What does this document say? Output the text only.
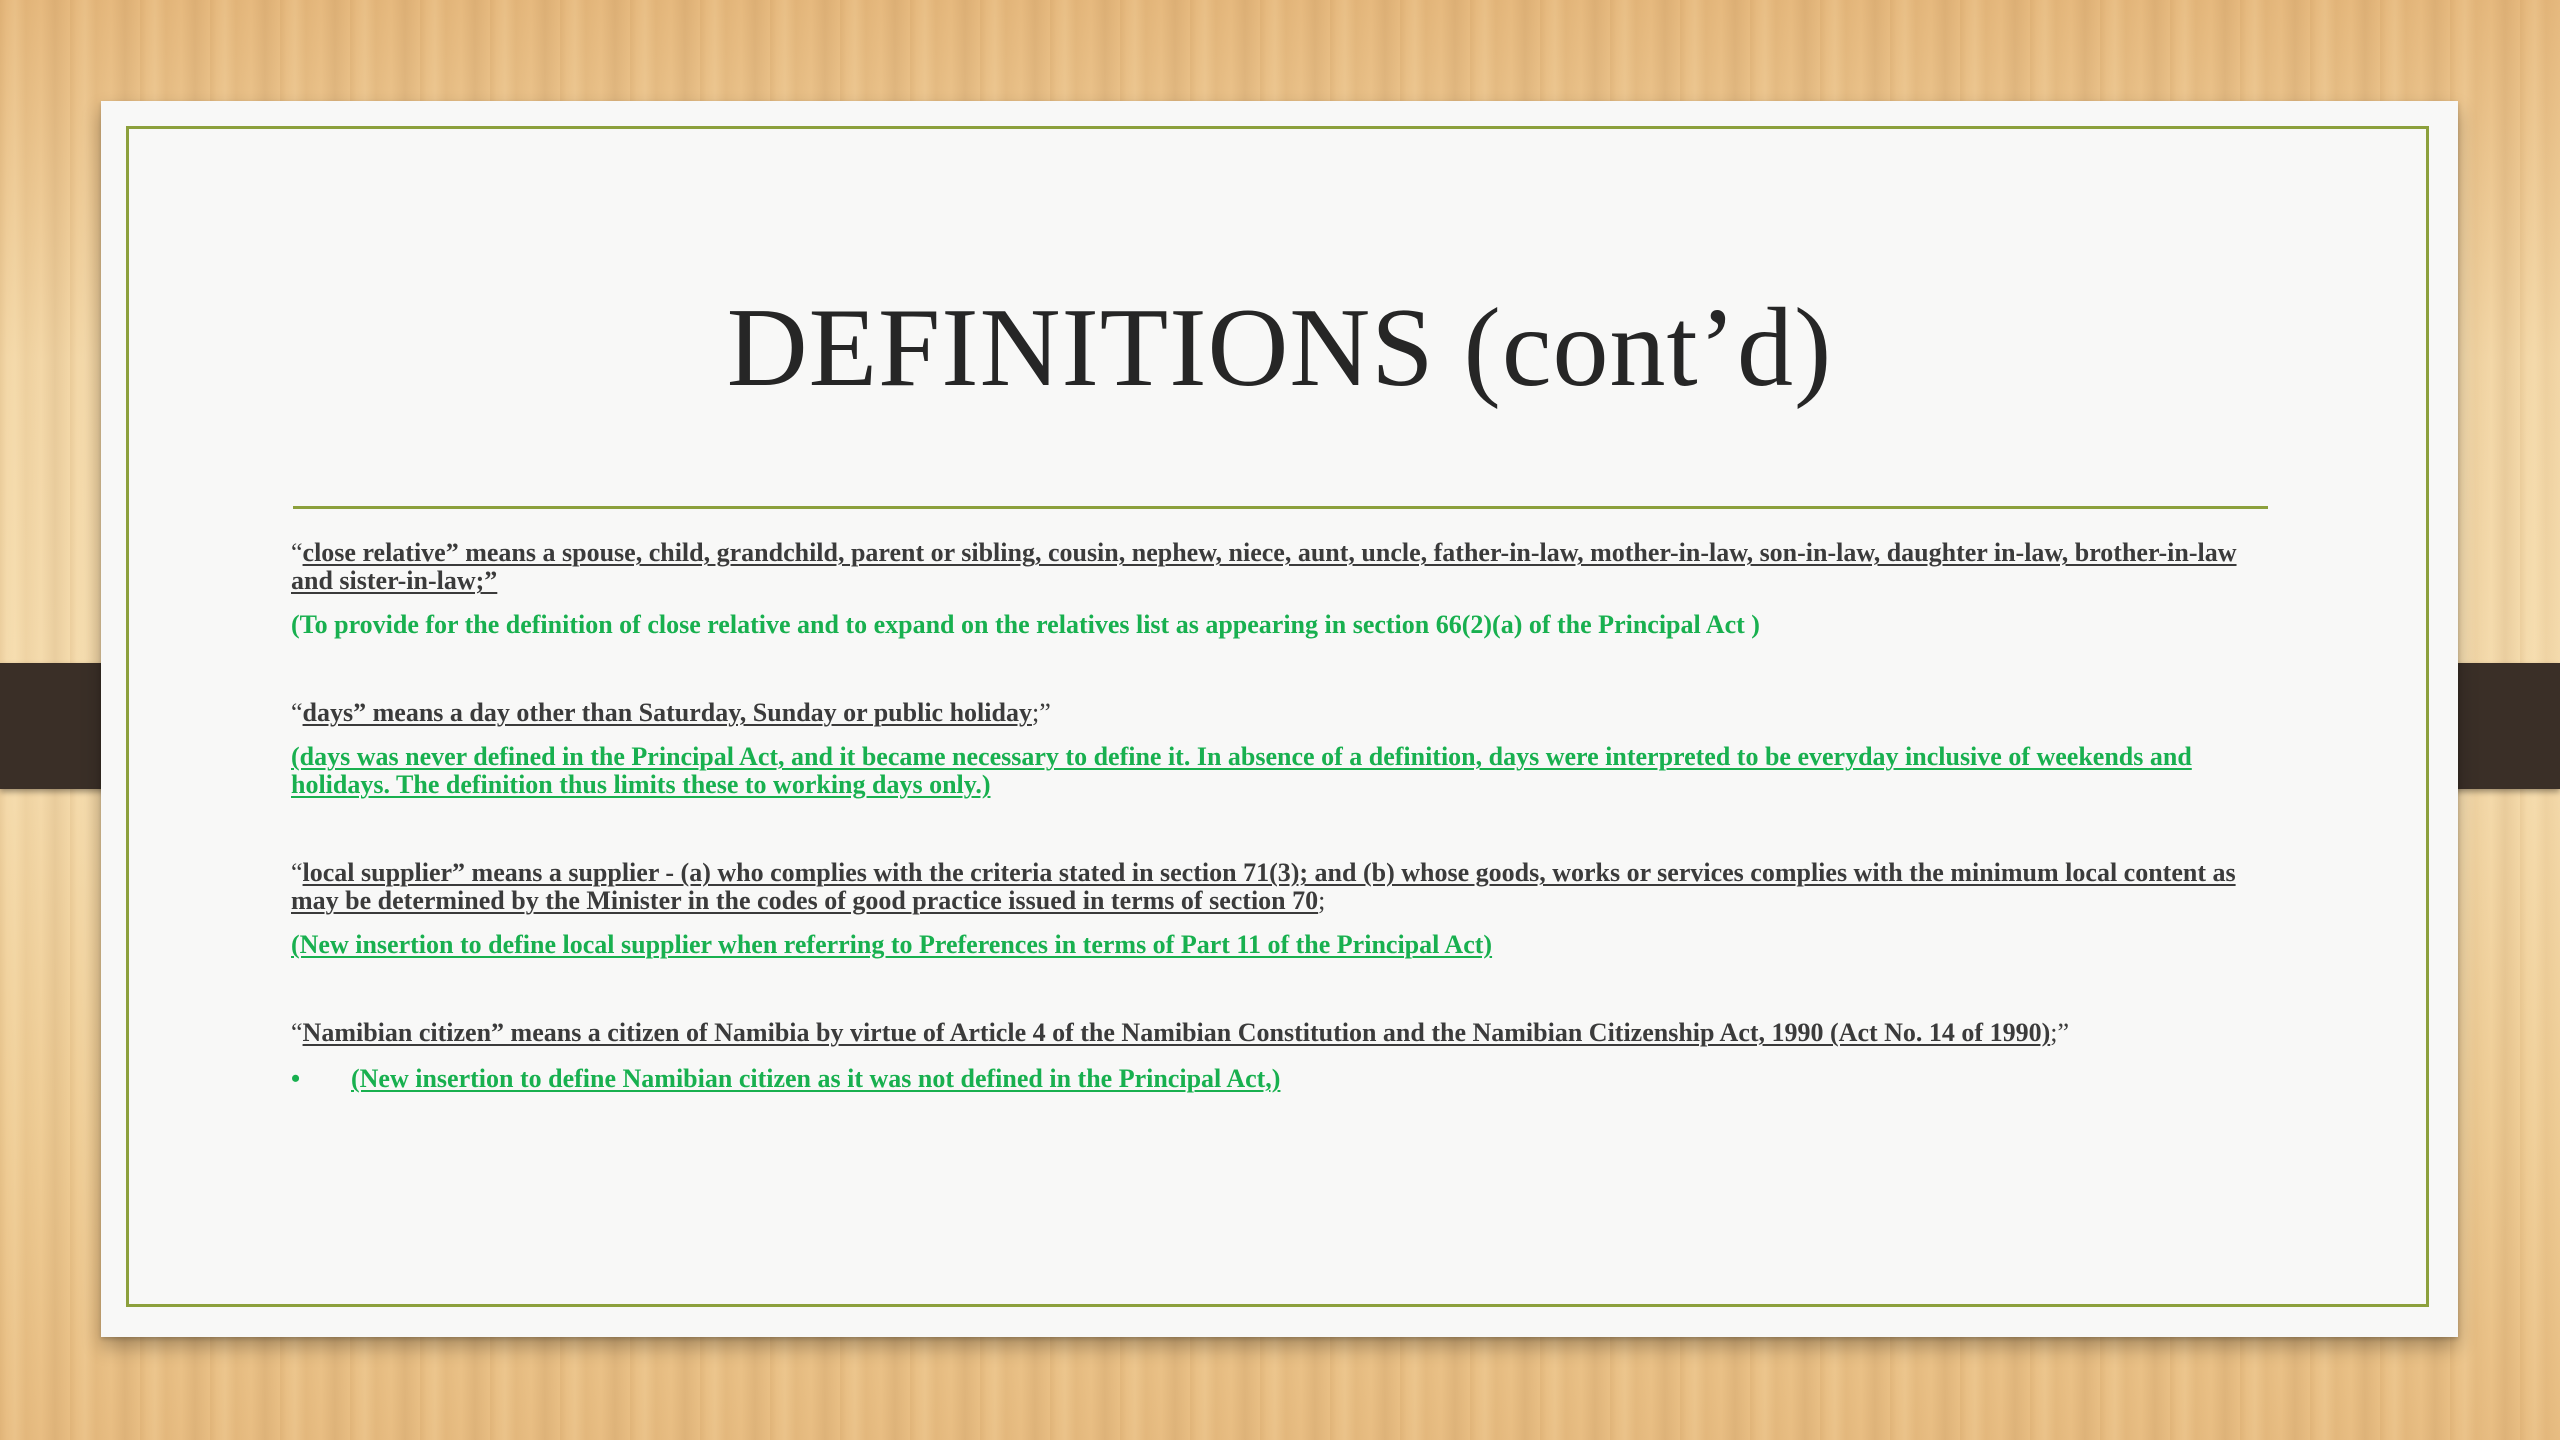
DEFINITIONS (cont’d)

“close relative” means a spouse, child, grandchild, parent or sibling, cousin, nephew, niece, aunt, uncle, father-in-law, mother-in-law, son-in-law, daughter in-law, brother-in-law and sister-in-law;”

(To provide for the definition of close relative and to expand on the relatives list as appearing in section 66(2)(a) of the Principal Act )

“days” means a day other than Saturday, Sunday or public holiday;”

(days was never defined in the Principal Act, and it became necessary to define it. In absence of a definition, days were interpreted to be everyday inclusive of weekends and holidays. The definition thus limits these to working days only.)

“local supplier” means a supplier - (a) who complies with the criteria stated in section 71(3); and (b) whose goods, works or services complies with the minimum local content as may be determined by the Minister in the codes of good practice issued in terms of section 70;

(New insertion to define local supplier when referring to Preferences in terms of Part 11 of the Principal Act)

“Namibian citizen” means a citizen of Namibia by virtue of Article 4 of the Namibian Constitution and the Namibian Citizenship Act, 1990 (Act No. 14 of 1990);”

•	(New insertion to define Namibian citizen as it was not defined in the Principal Act,)
